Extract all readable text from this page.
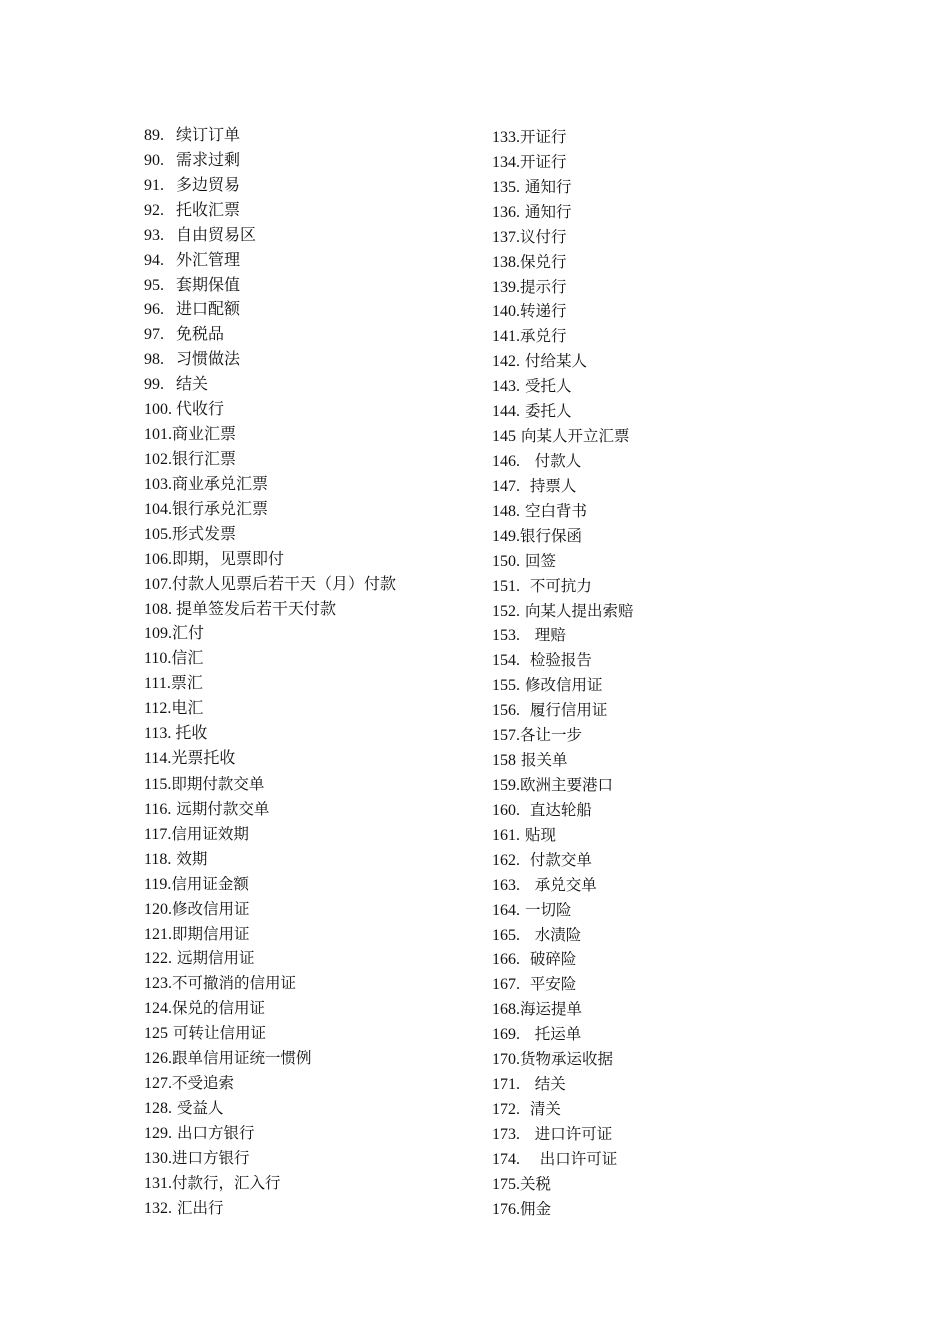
89. 续订订单
90. 需求过剩
91. 多边贸易
92. 托收汇票
93. 自由贸易区
94. 外汇管理
95. 套期保值
96. 进口配额
97. 免税品
98. 习惯做法
99. 结关
100. 代收行
101.商业汇票
102.银行汇票
103.商业承兑汇票
104.银行承兑汇票
105.形式发票
106.即期，见票即付
107.付款人见票后若干天（月）付款
108. 提单签发后若干天付款
109.汇付
110.信汇
111.票汇
112.电汇
113. 托收
114.光票托收
115.即期付款交单
116. 远期付款交单
117.信用证效期
118. 效期
119.信用证金额
120.修改信用证
121.即期信用证
122. 远期信用证
123.不可撤消的信用证
124.保兑的信用证
125 可转让信用证
126.跟单信用证统一惯例
127.不受追索
128. 受益人
129. 出口方银行
130.进口方银行
131.付款行，汇入行
132. 汇出行
133.开证行
134.开证行
135. 通知行
136. 通知行
137.议付行
138.保兑行
139.提示行
140.转递行
141.承兑行
142. 付给某人
143. 受托人
144. 委托人
145 向某人开立汇票
146. 付款人
147. 持票人
148. 空白背书
149.银行保函
150. 回签
151. 不可抗力
152. 向某人提出索赔
153. 理赔
154. 检验报告
155. 修改信用证
156. 履行信用证
157.各让一步
158 报关单
159.欧洲主要港口
160. 直达轮船
161. 贴现
162. 付款交单
163. 承兑交单
164. 一切险
165. 水渍险
166. 破碎险
167. 平安险
168.海运提单
169. 托运单
170.货物承运收据
171. 结关
172. 清关
173. 进口许可证
174. 出口许可证
175.关税
176.佣金
